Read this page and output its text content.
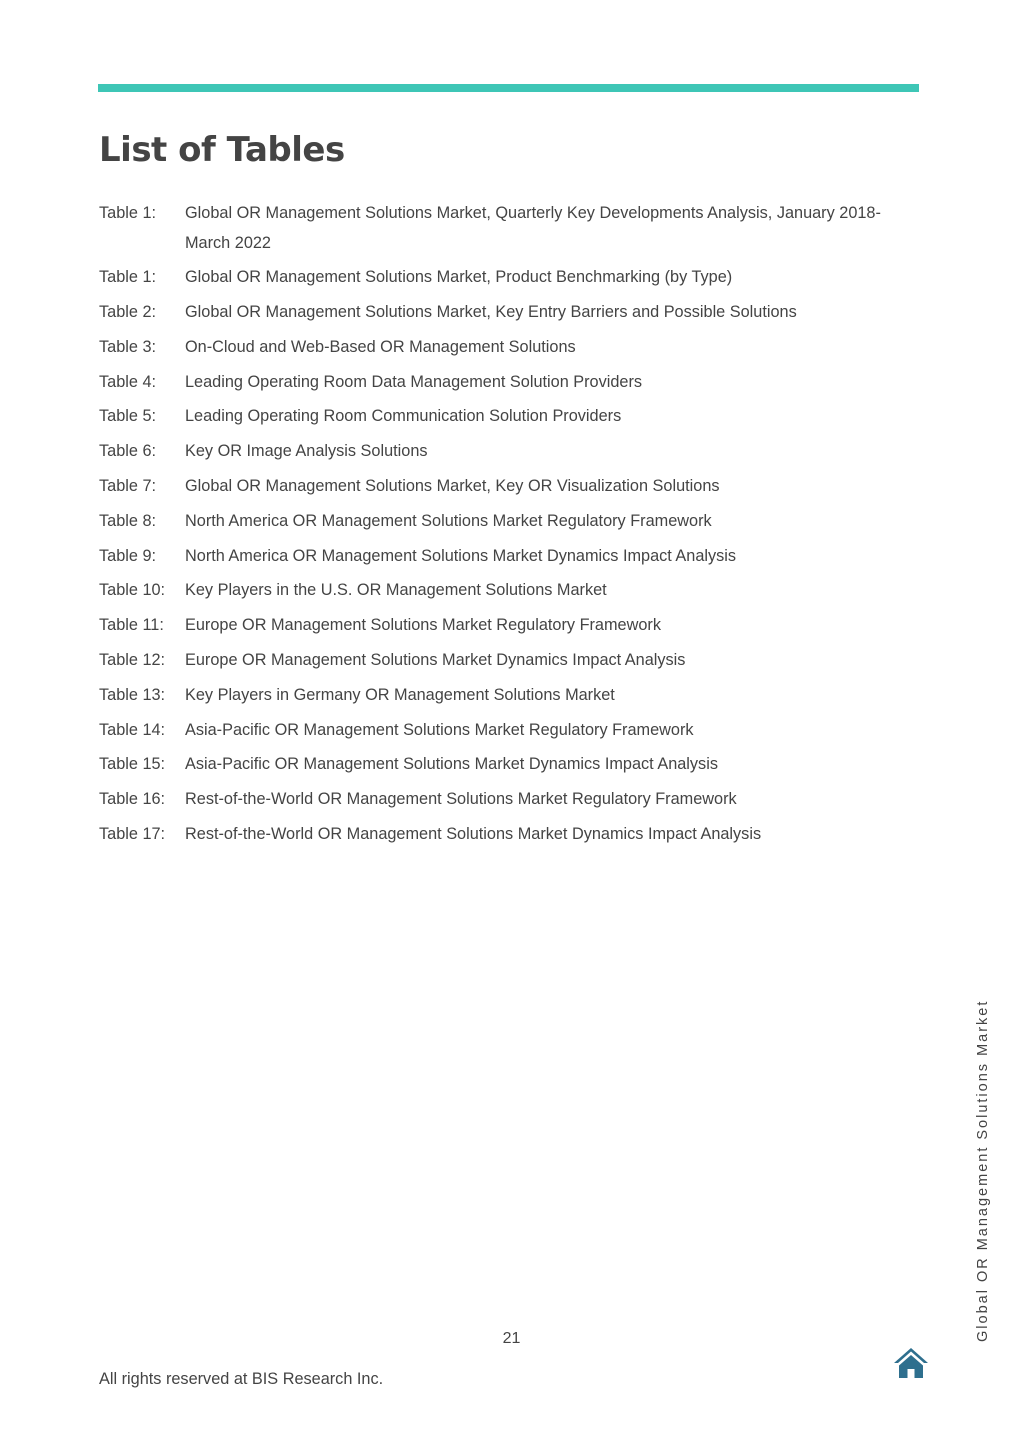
List of Tables
Table 1:	Global OR Management Solutions Market, Quarterly Key Developments Analysis, January 2018-March 2022
Table 1:	Global OR Management Solutions Market, Product Benchmarking (by Type)
Table 2:	Global OR Management Solutions Market, Key Entry Barriers and Possible Solutions
Table 3:	On-Cloud and Web-Based OR Management Solutions
Table 4:	Leading Operating Room Data Management Solution Providers
Table 5:	Leading Operating Room Communication Solution Providers
Table 6:	Key OR Image Analysis Solutions
Table 7:	Global OR Management Solutions Market, Key OR Visualization Solutions
Table 8:	North America OR Management Solutions Market Regulatory Framework
Table 9:	North America OR Management Solutions Market Dynamics Impact Analysis
Table 10:	Key Players in the U.S. OR Management Solutions Market
Table 11:	Europe OR Management Solutions Market Regulatory Framework
Table 12:	Europe OR Management Solutions Market Dynamics Impact Analysis
Table 13:	Key Players in Germany OR Management Solutions Market
Table 14:	Asia-Pacific OR Management Solutions Market Regulatory Framework
Table 15:	Asia-Pacific OR Management Solutions Market Dynamics Impact Analysis
Table 16:	Rest-of-the-World OR Management Solutions Market Regulatory Framework
Table 17:	Rest-of-the-World OR Management Solutions Market Dynamics Impact Analysis
Global OR Management Solutions Market
21
All rights reserved at BIS Research Inc.
